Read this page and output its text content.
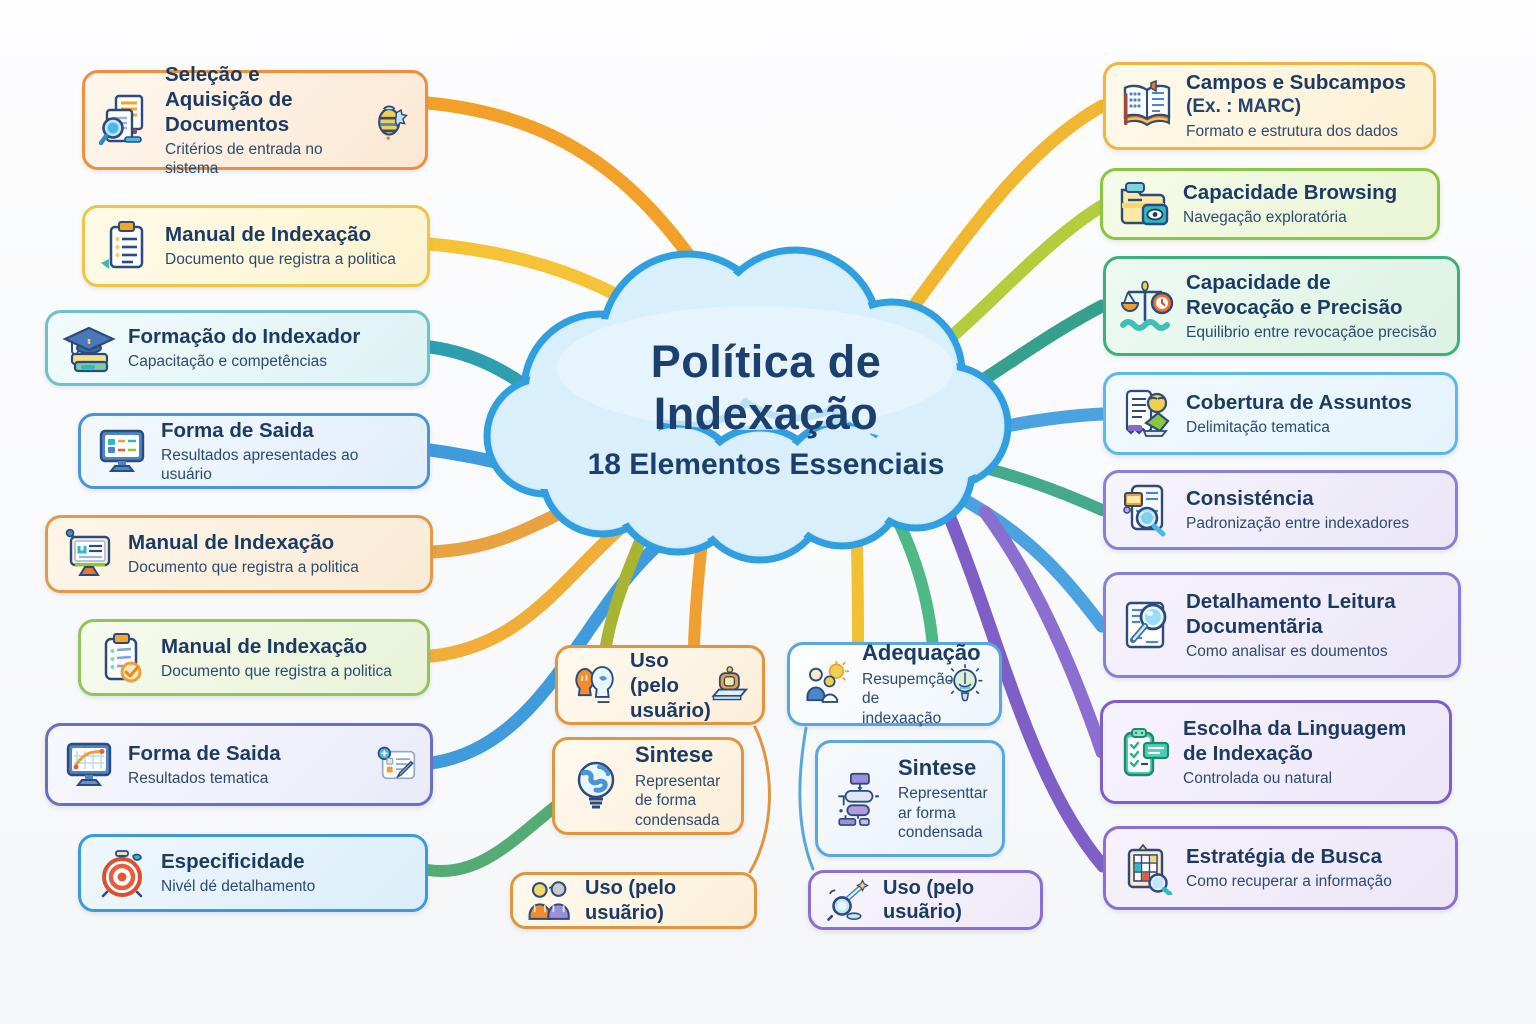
Política de
Indexação
18 Elementos Essenciais
Seleção e Aquisição de Documentos
Critérios de entrada no sistema
Manual de Indexação
Documento que registra a politica
Formação do Indexador
Capacitação e competências
Forma de Saida
Resultados apresentades ao usuário
Manual de Indexação
Documento que registra a politica
Manual de Indexação
Documento que registra a politica
Forma de Saida
Resultados tematica
Especificidade
Nivél dé detalhamento
Campos e Subcampos
(Ex. : MARC)
Formato e estrutura dos dados
Capacidade Browsing
Navegação exploratória
Capacidade de Revocação e Precisão
Equilibrio entre revocaçãoe precisão
Cobertura de Assuntos
Delimitação tematica
Consisténcia
Padronização entre indexadores
Detalhamento Leitura Documentãria
Como analisar es doumentos
Escolha da Linguagem de Indexação
Controlada ou natural
Estratégia de Busca
Como recuperar a informação
Uso (pelo usuãrio)
Sintese
Representar de forma condensada
Uso (pelo usuãrio)
Adequação
Resupemção de indexaação
Sintese
Representtar ar forma condensada
Uso (pelo usuãrio)
